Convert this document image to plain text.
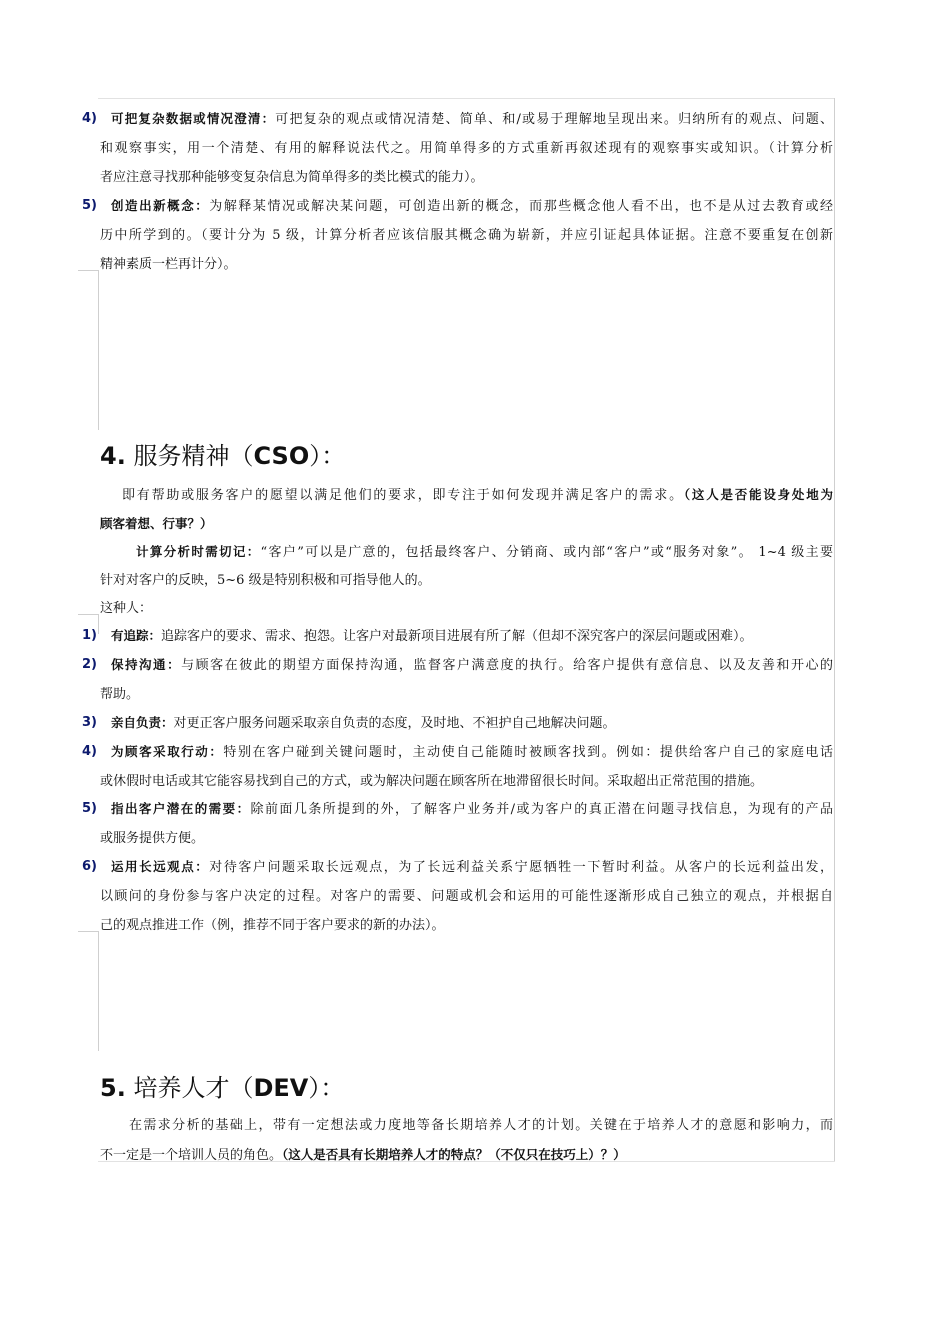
4) 可把复杂数据或情况澄清：可把复杂的观点或情况清楚、简单、和/或易于理解地呈现出来。归纳所有的观点、问题、
和观察事实，用一个清楚、有用的解释说法代之。用简单得多的方式重新再叙述现有的观察事实或知识。（计算分析
者应注意寻找那种能够变复杂信息为简单得多的类比模式的能力）。
5) 创造出新概念：为解释某情况或解决某问题，可创造出新的概念，而那些概念他人看不出，也不是从过去教育或经
历中所学到的。（要计分为 5 级，计算分析者应该信服其概念确为崭新，并应引证起具体证据。注意不要重复在创新
精神素质一栏再计分）。
4. 服务精神（CSO）：
即有帮助或服务客户的愿望以满足他们的要求，即专注于如何发现并满足客户的需求。（这人是否能设身处地为
顾客着想、行事？）
计算分析时需切记：“客户”可以是广意的，包括最终客户、分销商、或内部“客户”或“服务对象”。 1~4 级主要
针对对客户的反映，5~6 级是特别积极和可指导他人的。
这种人：
1) 有追踪：追踪客户的要求、需求、抱怨。让客户对最新项目进展有所了解（但却不深究客户的深层问题或困难）。
2) 保持沟通：与顾客在彼此的期望方面保持沟通，监督客户满意度的执行。给客户提供有意信息、以及友善和开心的
帮助。
3) 亲自负责：对更正客户服务问题采取亲自负责的态度，及时地、不袒护自己地解决问题。
4) 为顾客采取行动：特别在客户碰到关键问题时，主动使自己能随时被顾客找到。例如：提供给客户自己的家庭电话
或休假时电话或其它能容易找到自己的方式，或为解决问题在顾客所在地滞留很长时间。采取超出正常范围的措施。
5) 指出客户潜在的需要：除前面几条所提到的外，了解客户业务并/或为客户的真正潜在问题寻找信息，为现有的产品
或服务提供方便。
6) 运用长远观点：对待客户问题采取长远观点，为了长远利益关系宁愿牺牲一下暂时利益。从客户的长远利益出发，
以顾问的身份参与客户决定的过程。对客户的需要、问题或机会和运用的可能性逐渐形成自己独立的观点，并根据自
己的观点推进工作（例，推荐不同于客户要求的新的办法）。
5. 培养人才（DEV）：
在需求分析的基础上，带有一定想法或力度地等备长期培养人才的计划。关键在于培养人才的意愿和影响力，而
不一定是一个培训人员的角色。（这人是否具有长期培养人才的特点？（不仅只在技巧上）？）
